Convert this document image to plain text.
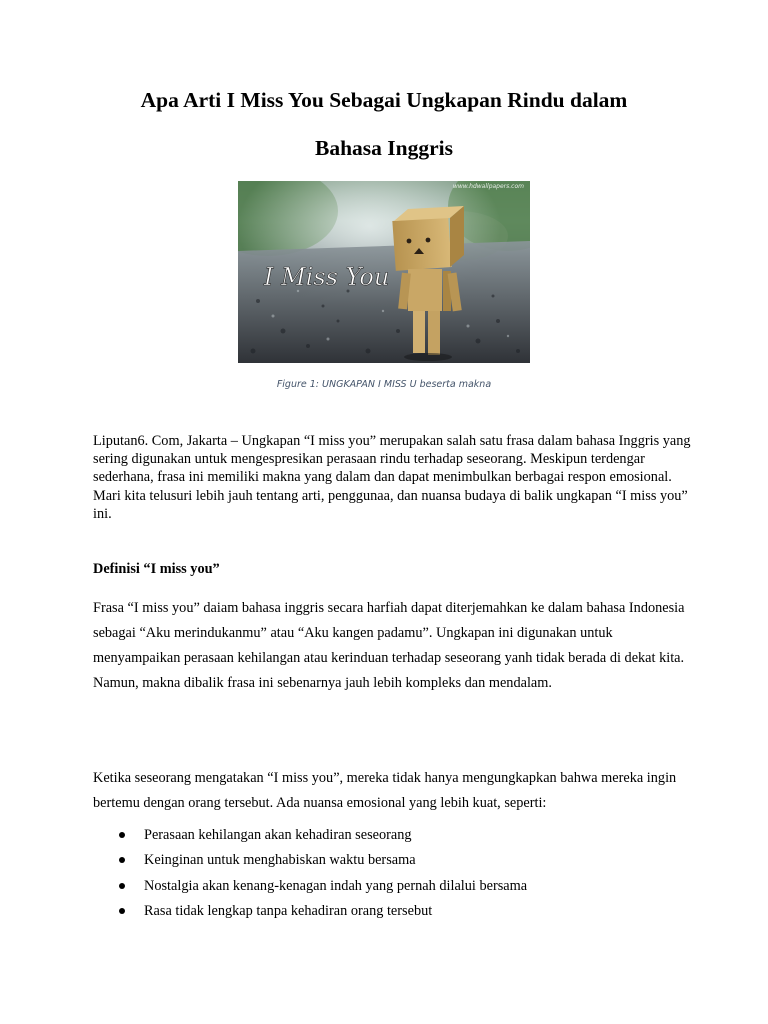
Apa Arti I Miss You Sebagai Ungkapan Rindu dalam
Bahasa Inggris
I Miss You
www.hdwallpapers.com
Figure 1: UNGKAPAN I MISS U beserta makna

Liputan6. Com, Jakarta – Ungkapan “I miss you” merupakan salah satu frasa dalam bahasa Inggris yang sering digunakan untuk mengespresikan perasaan rindu terhadap seseorang. Meskipun terdengar sederhana, frasa ini memiliki makna yang dalam dan dapat menimbulkan berbagai respon emosional. Mari kita telusuri lebih jauh tentang arti, penggunaa, dan nuansa budaya di balik ungkapan “I miss you” ini.

Definisi “I miss you”

Frasa “I miss you” daiam bahasa inggris secara harfiah dapat diterjemahkan ke dalam bahasa Indonesia sebagai “Aku merindukanmu” atau “Aku kangen padamu”. Ungkapan ini digunakan untuk menyampaikan perasaan kehilangan atau kerinduan terhadap seseorang yanh tidak berada di dekat kita. Namun, makna dibalik frasa ini sebenarnya jauh lebih kompleks dan mendalam.

Ketika seseorang mengatakan “I miss you”, mereka tidak hanya mengungkapkan bahwa mereka ingin bertemu dengan orang tersebut. Ada nuansa emosional yang lebih kuat, seperti:

Perasaan kehilangan akan kehadiran seseorang
Keinginan untuk menghabiskan waktu bersama
Nostalgia akan kenang-kenagan indah yang pernah dilalui bersama
Rasa tidak lengkap tanpa kehadiran orang tersebut
